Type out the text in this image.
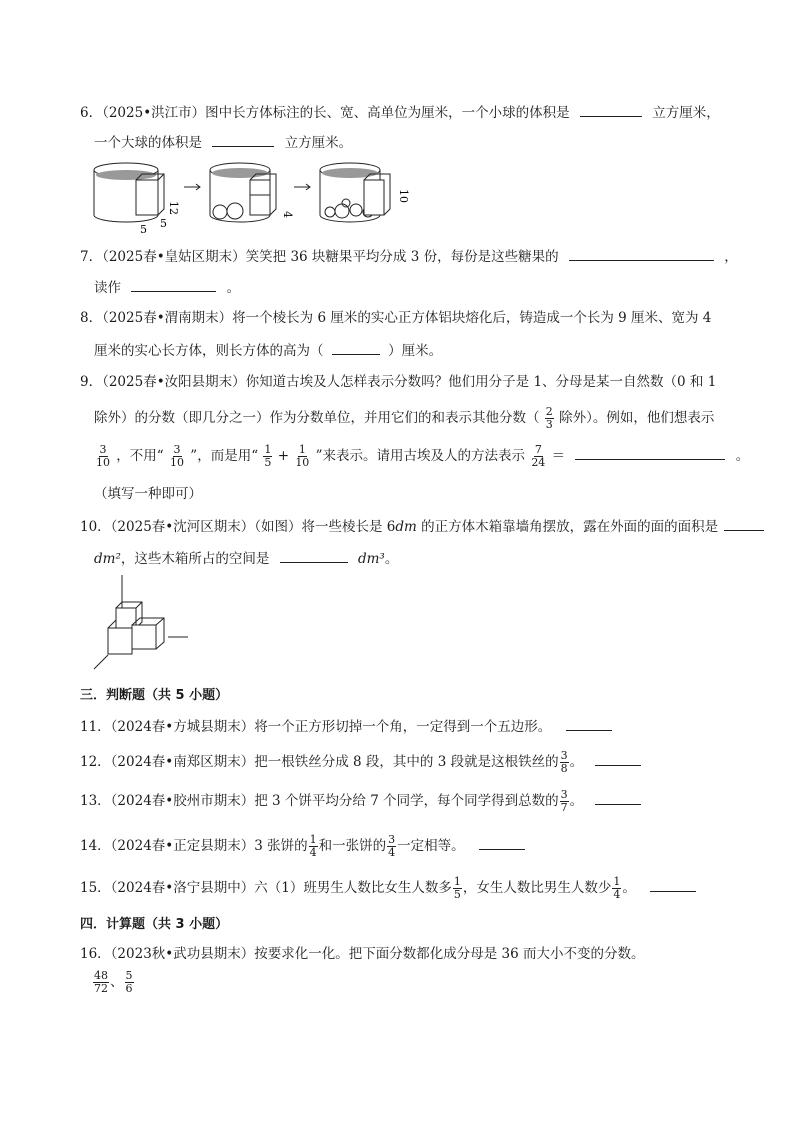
6．（2025•洪江市）图中长方体标注的长、宽、高单位为厘米，一个小球的体积是	立方厘米，
一个大球的体积是	立方厘米。
12
5 5
4
10
7．（2025春•皇姑区期末）笑笑把 36 块糖果平均分成 3 份，每份是这些糖果的	，
读作	。
8．（2025春•渭南期末）将一个棱长为 6 厘米的实心正方体铝块熔化后，铸造成一个长为 9 厘米、宽为 4
厘米的实心长方体，则长方体的高为（	）厘米。
9．（2025春•汝阳县期末）你知道古埃及人怎样表示分数吗？他们用分子是 1、分母是某一自然数（0 和 1
除外）的分数（即几分之一）作为分数单位，并用它们的和表示其他分数（ $\frac{2}{3}$ 除外）。例如，他们想表示
$\frac{3}{10}$ ，不用“ $\frac{3}{10}$ ”，而是用“ $\frac{1}{5} + \frac{1}{10}$ ”来表示。请用古埃及人的方法表示 $\frac{7}{24}$ ＝	。
（填写一种即可）
10．（2025春•沈河区期末）（如图）将一些棱长是 6dm 的正方体木箱靠墙角摆放，露在外面的面的面积是
dm²，这些木箱所占的空间是	dm³。
三．判断题（共 5 小题）
11．（2024春•方城县期末）将一个正方形切掉一个角，一定得到一个五边形。
12．（2024春•南郑区期末）把一根铁丝分成 8 段，其中的 3 段就是这根铁丝的 $\frac{3}{8}$ 。
13．（2024春•胶州市期末）把 3 个饼平均分给 7 个同学，每个同学得到总数的 $\frac{3}{7}$ 。
14．（2024春•正定县期末）3 张饼的 $\frac{1}{4}$ 和一张饼的 $\frac{3}{4}$ 一定相等。
15．（2024春•洛宁县期中）六（1）班男生人数比女生人数多 $\frac{1}{5}$ ，女生人数比男生人数少 $\frac{1}{4}$ 。
四．计算题（共 3 小题）
16．（2023秋•武功县期末）按要求化一化。把下面分数都化成分母是 36 而大小不变的分数。
$\frac{48}{72}$ 、 $\frac{5}{6}$
